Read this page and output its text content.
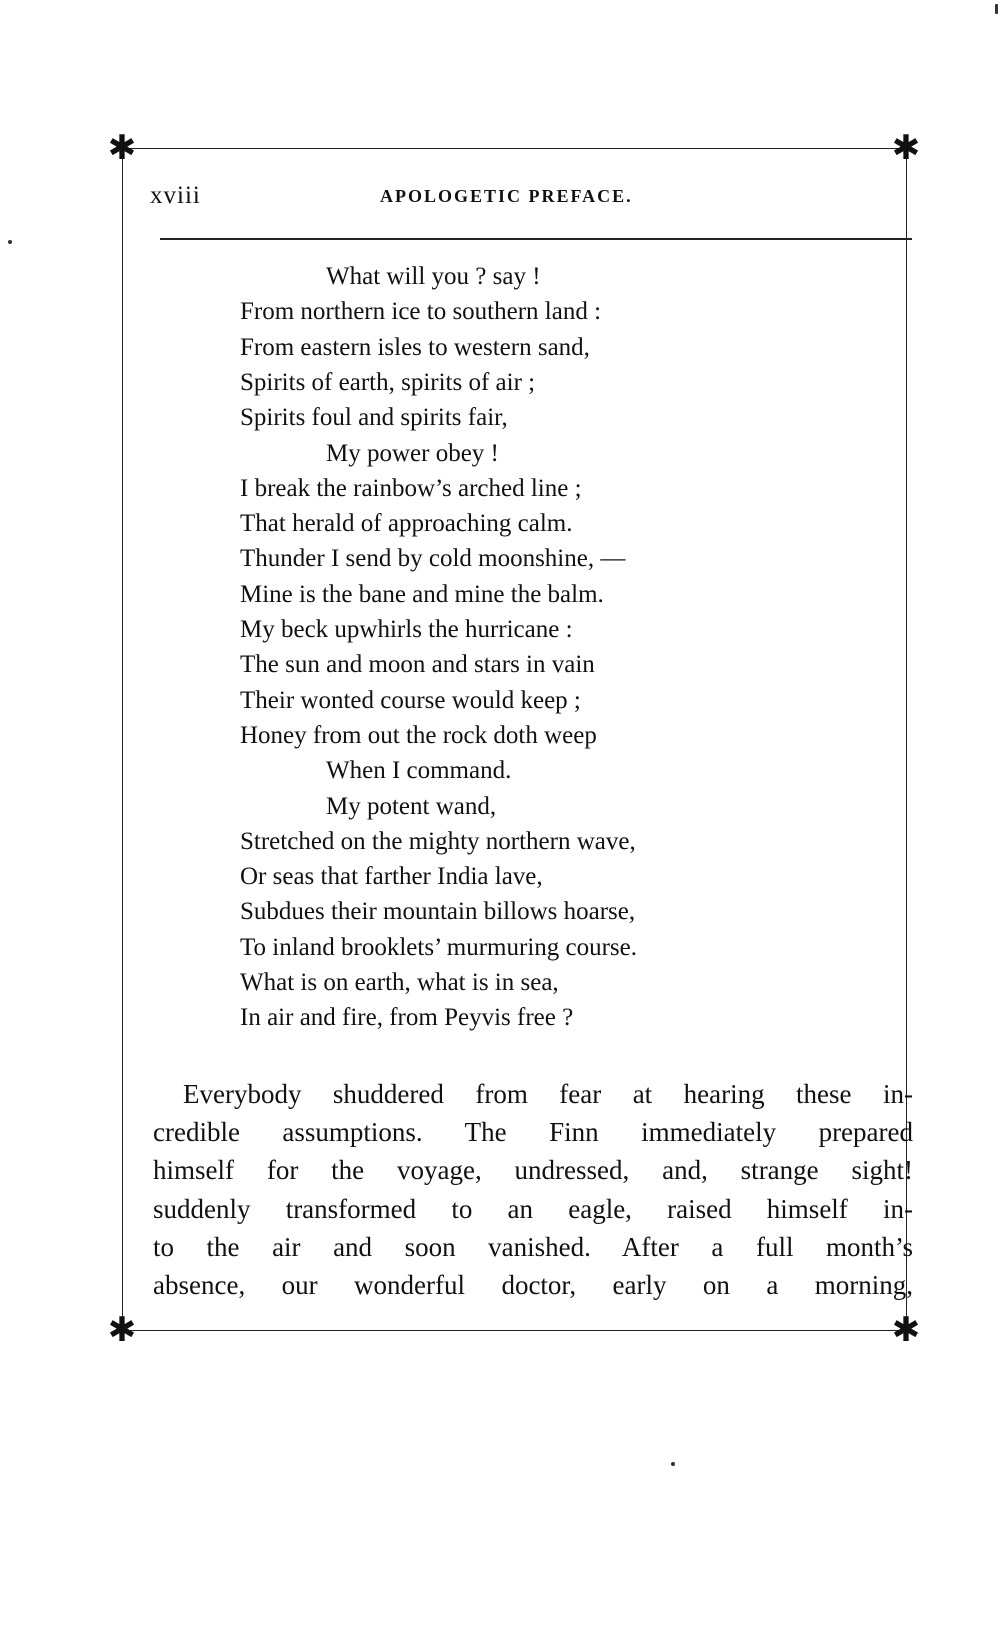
✱	✱
✱	✱
xviii	APOLOGETIC PREFACE.
What will you ? say !
From northern ice to southern land :
From eastern isles to western sand,
Spirits of earth, spirits of air ;
Spirits foul and spirits fair,
My power obey !
I break the rainbow’s arched line ;
That herald of approaching calm.
Thunder I send by cold moonshine, —
Mine is the bane and mine the balm.
My beck upwhirls the hurricane :
The sun and moon and stars in vain
Their wonted course would keep ;
Honey from out the rock doth weep
When I command.
My potent wand,
Stretched on the mighty northern wave,
Or seas that farther India lave,
Subdues their mountain billows hoarse,
To inland brooklets’ murmuring course.
What is on earth, what is in sea,
In air and fire, from Peyvis free ?
Everybody shuddered from fear at hearing these in-
credible assumptions. The Finn immediately prepared
himself for the voyage, undressed, and, strange sight!
suddenly transformed to an eagle, raised himself in-
to the air and soon vanished. After a full month’s
absence, our wonderful doctor, early on a morning,
